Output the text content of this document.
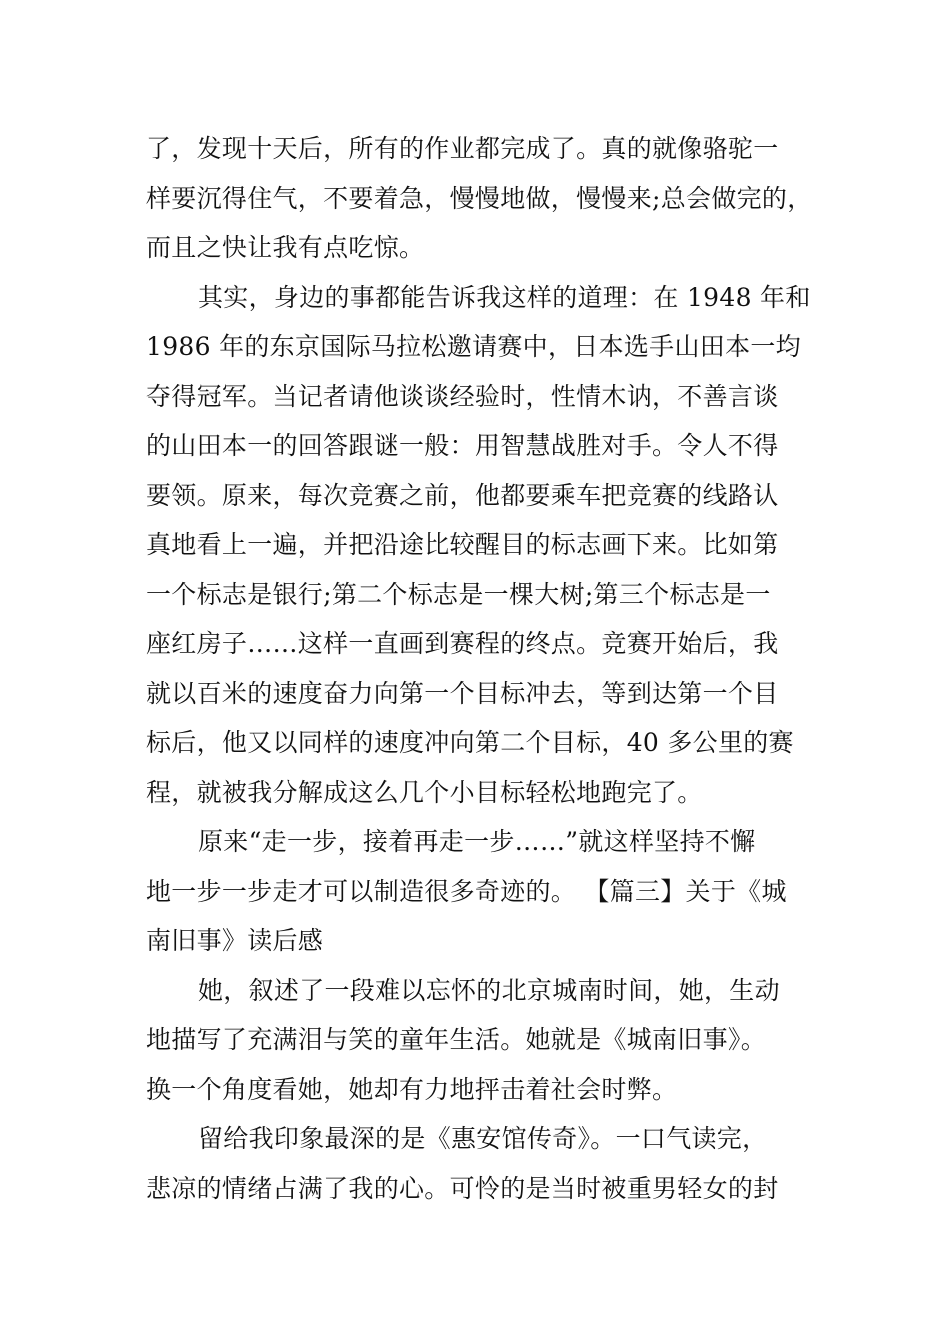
了，发现十天后，所有的作业都完成了。真的就像骆驼一
样要沉得住气，不要着急，慢慢地做，慢慢来;总会做完的，
而且之快让我有点吃惊。
其实，身边的事都能告诉我这样的道理：在 1948 年和
1986 年的东京国际马拉松邀请赛中，日本选手山田本一均
夺得冠军。当记者请他谈谈经验时，性情木讷，不善言谈
的山田本一的回答跟谜一般：用智慧战胜对手。令人不得
要领。原来，每次竞赛之前，他都要乘车把竞赛的线路认
真地看上一遍，并把沿途比较醒目的标志画下来。比如第
一个标志是银行;第二个标志是一棵大树;第三个标志是一
座红房子……这样一直画到赛程的终点。竞赛开始后，我
就以百米的速度奋力向第一个目标冲去，等到达第一个目
标后，他又以同样的速度冲向第二个目标，40 多公里的赛
程，就被我分解成这么几个小目标轻松地跑完了。
原来“走一步，接着再走一步……”就这样坚持不懈
地一步一步走才可以制造很多奇迹的。 【篇三】关于《城
南旧事》读后感
她，叙述了一段难以忘怀的北京城南时间，她，生动
地描写了充满泪与笑的童年生活。她就是《城南旧事》。
换一个角度看她，她却有力地抨击着社会时弊。
留给我印象最深的是《惠安馆传奇》。一口气读完，
悲凉的情绪占满了我的心。可怜的是当时被重男轻女的封
